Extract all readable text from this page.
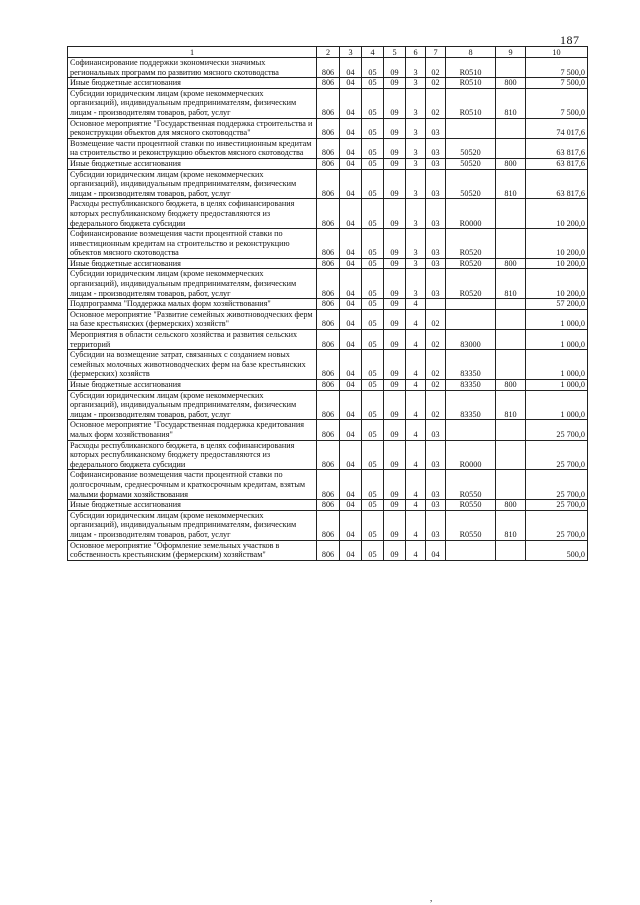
187
1	2	3	4	5	6	7	8	9	10
Софинансирование поддержки экономически значимых региональных программ по развитию мясного скотоводства	806	04	05	09	3	02	R0510		7 500,0
Иные бюджетные ассигнования	806	04	05	09	3	02	R0510	800	7 500,0
Субсидии юридическим лицам (кроме некоммерческих организаций), индивидуальным предпринимателям, физическим лицам - производителям товаров, работ, услуг	806	04	05	09	3	02	R0510	810	7 500,0
Основное мероприятие "Государственная поддержка строительства и реконструкции объектов для мясного скотоводства"	806	04	05	09	3	03			74 017,6
Возмещение части процентной ставки по инвестиционным кредитам на строительство и реконструкцию объектов мясного скотоводства	806	04	05	09	3	03	50520		63 817,6
Иные бюджетные ассигнования	806	04	05	09	3	03	50520	800	63 817,6
Субсидии юридическим лицам (кроме некоммерческих организаций), индивидуальным предпринимателям, физическим лицам - производителям товаров, работ, услуг	806	04	05	09	3	03	50520	810	63 817,6
Расходы республиканского бюджета, в целях софинансирования которых республиканскому бюджету предоставляются из федерального бюджета субсидии	806	04	05	09	3	03	R0000		10 200,0
Софинансирование возмещения части процентной ставки по инвестиционным кредитам на строительство и реконструкцию объектов мясного скотоводства	806	04	05	09	3	03	R0520		10 200,0
Иные бюджетные ассигнования	806	04	05	09	3	03	R0520	800	10 200,0
Субсидии юридическим лицам (кроме некоммерческих организаций), индивидуальным предпринимателям, физическим лицам - производителям товаров, работ, услуг	806	04	05	09	3	03	R0520	810	10 200,0
Подпрограмма "Поддержка малых форм хозяйствования"	806	04	05	09	4				57 200,0
Основное мероприятие "Развитие семейных животноводческих ферм на базе крестьянских (фермерских) хозяйств"	806	04	05	09	4	02			1 000,0
Мероприятия в области сельского хозяйства и развития сельских территорий	806	04	05	09	4	02	83000		1 000,0
Субсидии на возмещение затрат, связанных с созданием новых семейных молочных животноводческих ферм на базе крестьянских (фермерских) хозяйств	806	04	05	09	4	02	83350		1 000,0
Иные бюджетные ассигнования	806	04	05	09	4	02	83350	800	1 000,0
Субсидии юридическим лицам (кроме некоммерческих организаций), индивидуальным предпринимателям, физическим лицам - производителям товаров, работ, услуг	806	04	05	09	4	02	83350	810	1 000,0
Основное мероприятие "Государственная поддержка кредитования малых форм хозяйствования"	806	04	05	09	4	03			25 700,0
Расходы республиканского бюджета, в целях софинансирования которых республиканскому бюджету предоставляются из федерального бюджета субсидии	806	04	05	09	4	03	R0000		25 700,0
Софинансирование возмещения части процентной ставки по долгосрочным, среднесрочным и краткосрочным кредитам, взятым малыми формами хозяйствования	806	04	05	09	4	03	R0550		25 700,0
Иные бюджетные ассигнования	806	04	05	09	4	03	R0550	800	25 700,0
Субсидии юридическим лицам (кроме некоммерческих организаций), индивидуальным предпринимателям, физическим лицам - производителям товаров, работ, услуг	806	04	05	09	4	03	R0550	810	25 700,0
Основное мероприятие "Оформление земельных участков в собственность крестьянским (фермерским) хозяйствам"	806	04	05	09	4	04			500,0
,
